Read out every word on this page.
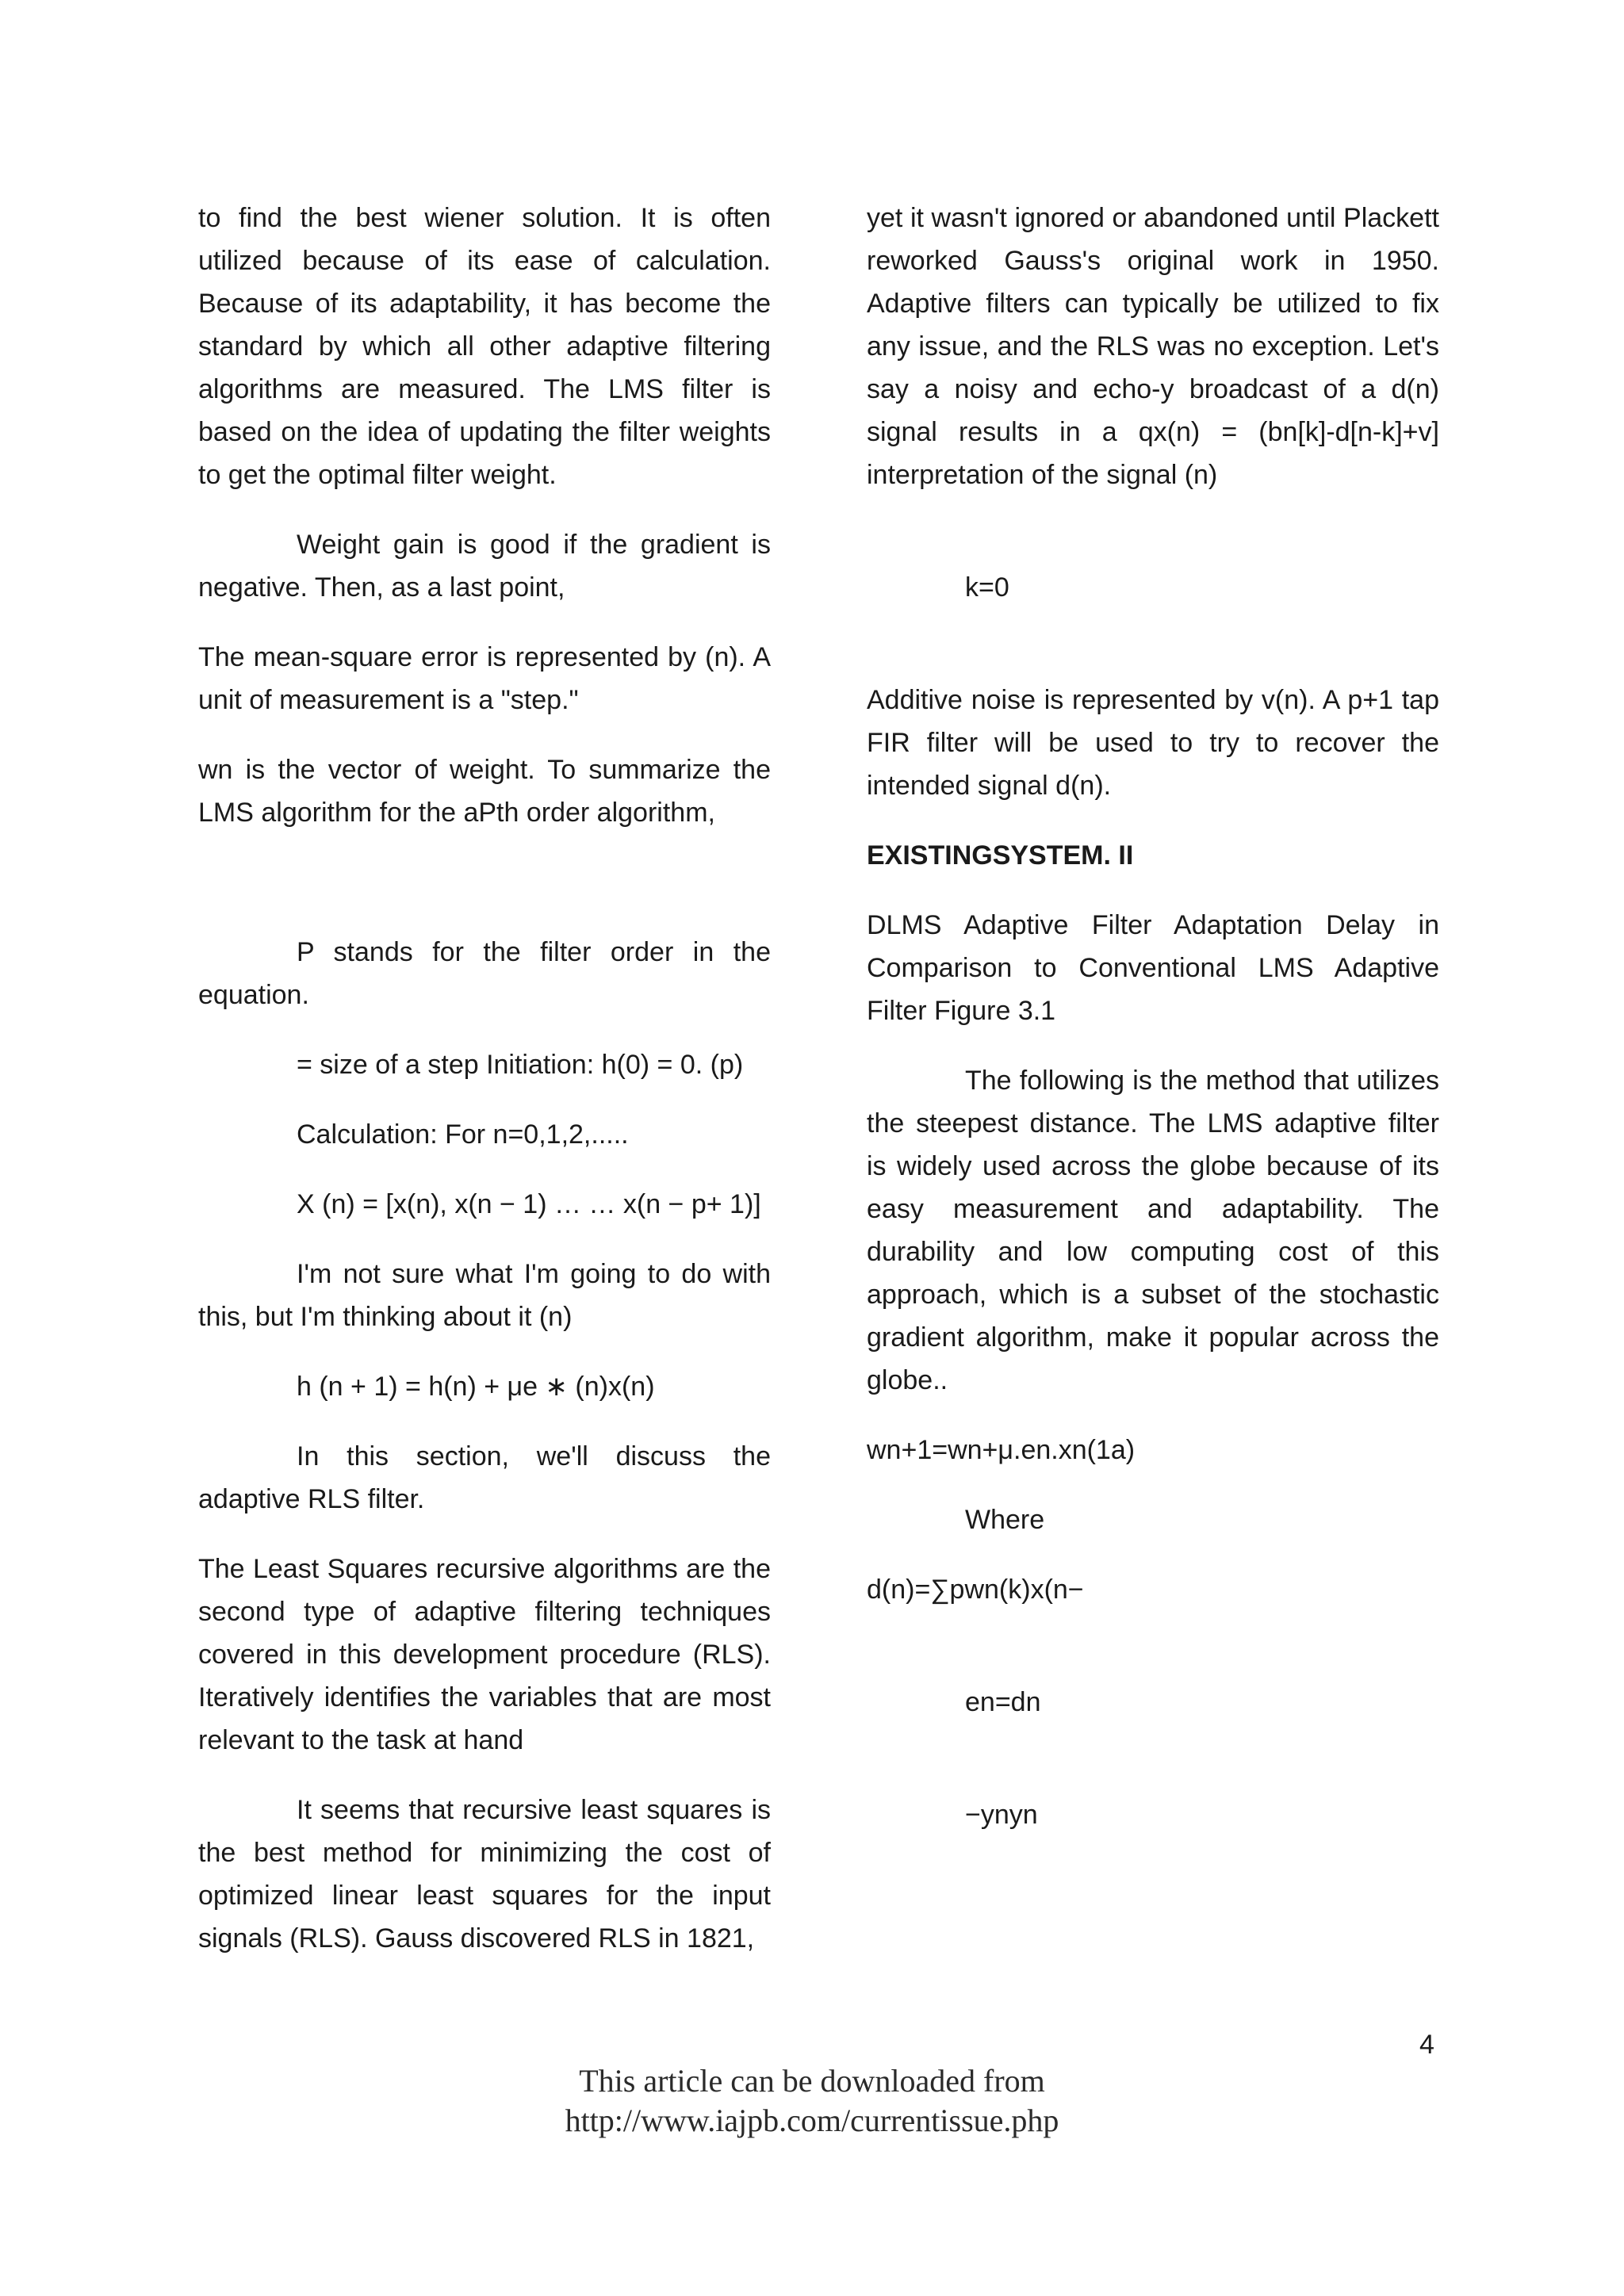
to find the best wiener solution. It is often utilized because of its ease of calculation. Because of its adaptability, it has become the standard by which all other adaptive filtering algorithms are measured. The LMS filter is based on the idea of updating the filter weights to get the optimal filter weight.

Weight gain is good if the gradient is negative. Then, as a last point,

The mean-square error is represented by (n). A unit of measurement is a "step."

wn is the vector of weight. To summarize the LMS algorithm for the aPth order algorithm,

P stands for the filter order in the equation.

= size of a step Initiation: h(0) = 0. (p)

Calculation: For n=0,1,2,.....

X (n) = [x(n), x(n − 1) … … x(n − p+ 1)]

I'm not sure what I'm going to do with this, but I'm thinking about it (n)

h (n + 1) = h(n) + μe ∗ (n)x(n)

In this section, we'll discuss the adaptive RLS filter.

The Least Squares recursive algorithms are the second type of adaptive filtering techniques covered in this development procedure (RLS). Iteratively identifies the variables that are most relevant to the task at hand

It seems that recursive least squares is the best method for minimizing the cost of optimized linear least squares for the input signals (RLS). Gauss discovered RLS in 1821,

yet it wasn't ignored or abandoned until Plackett reworked Gauss's original work in 1950. Adaptive filters can typically be utilized to fix any issue, and the RLS was no exception. Let's say a noisy and echo-y broadcast of a d(n) signal results in a qx(n) = (bn[k]-d[n-k]+v] interpretation of the signal (n)

k=0

Additive noise is represented by v(n). A p+1 tap FIR filter will be used to try to recover the intended signal d(n).

EXISTINGSYSTEM. II

DLMS Adaptive Filter Adaptation Delay in Comparison to Conventional LMS Adaptive Filter Figure 3.1

The following is the method that utilizes the steepest distance. The LMS adaptive filter is widely used across the globe because of its easy measurement and adaptability. The durability and low computing cost of this approach, which is a subset of the stochastic gradient algorithm, make it popular across the globe..

wn+1=wn+μ.en.xn(1a)

Where

d(n)=∑pwn(k)x(n−

en=dn

−ynyn

4
This article can be downloaded from
http://www.iajpb.com/currentissue.php
